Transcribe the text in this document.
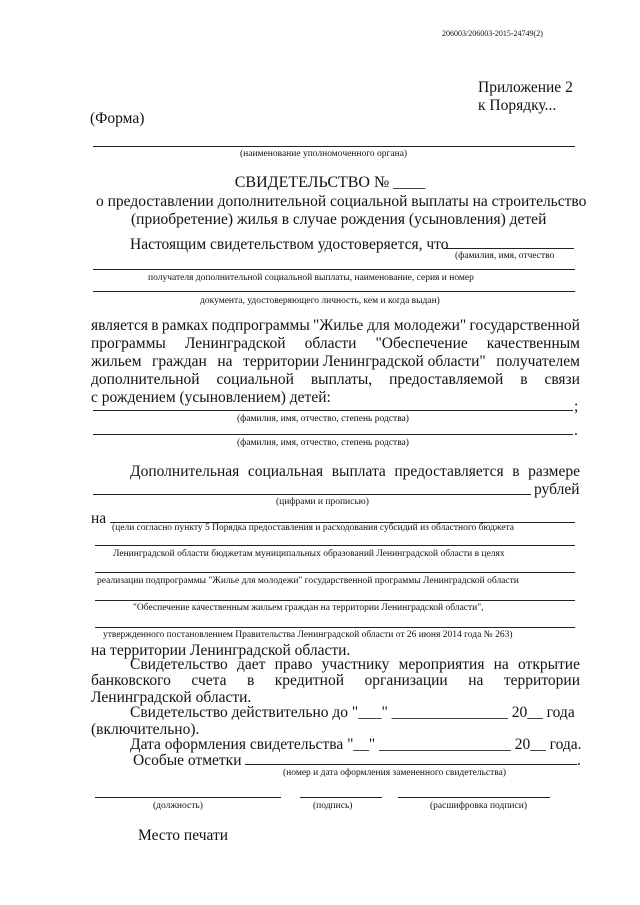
206003/206003-2015-24749(2)
Приложение 2
к Порядку...
(Форма)
(наименование уполномоченного органа)
СВИДЕТЕЛЬСТВО № ____
о предоставлении дополнительной социальной выплаты на строительство
(приобретение) жилья в случае рождения (усыновления) детей
Настоящим свидетельством удостоверяется, что
(фамилия, имя, отчество
получателя дополнительной социальной выплаты, наименование, серия и номер
документа, удостоверяющего личность, кем и когда выдан)
является в рамках подпрограммы "Жилье для молодежи" государственной
программы Ленинградской области "Обеспечение качественным
жильем граждан на территории Ленинградской области" получателем
дополнительной социальной выплаты, предоставляемой в связи
с рождением (усыновлением) детей:
;
(фамилия, имя, отчество, степень родства)
.
(фамилия, имя, отчество, степень родства)
Дополнительная социальная выплата предоставляется в размере
рублей
(цифрами и прописью)
на
(цели согласно пункту 5 Порядка предоставления и расходования субсидий из областного бюджета
Ленинградской области бюджетам муниципальных образований Ленинградской области в целях
реализации подпрограммы "Жилье для молодежи" государственной программы Ленинградской области
"Обеспечение качественным жильем граждан на территории Ленинградской области",
утвержденного постановлением Правительства Ленинградской области от 26 июня 2014 года № 263)
на территории Ленинградской области.
Свидетельство дает право участнику мероприятия на открытие
банковского счета в кредитной организации на территории
Ленинградской области.
Свидетельство действительно до "___" _______________ 20__ года
(включительно).
Дата оформления свидетельства "__" _________________ 20__ года.
Особые отметки	.
(номер и дата оформления замененного свидетельства)
(должность)	(подпись)	(расшифровка подписи)
Место печати
